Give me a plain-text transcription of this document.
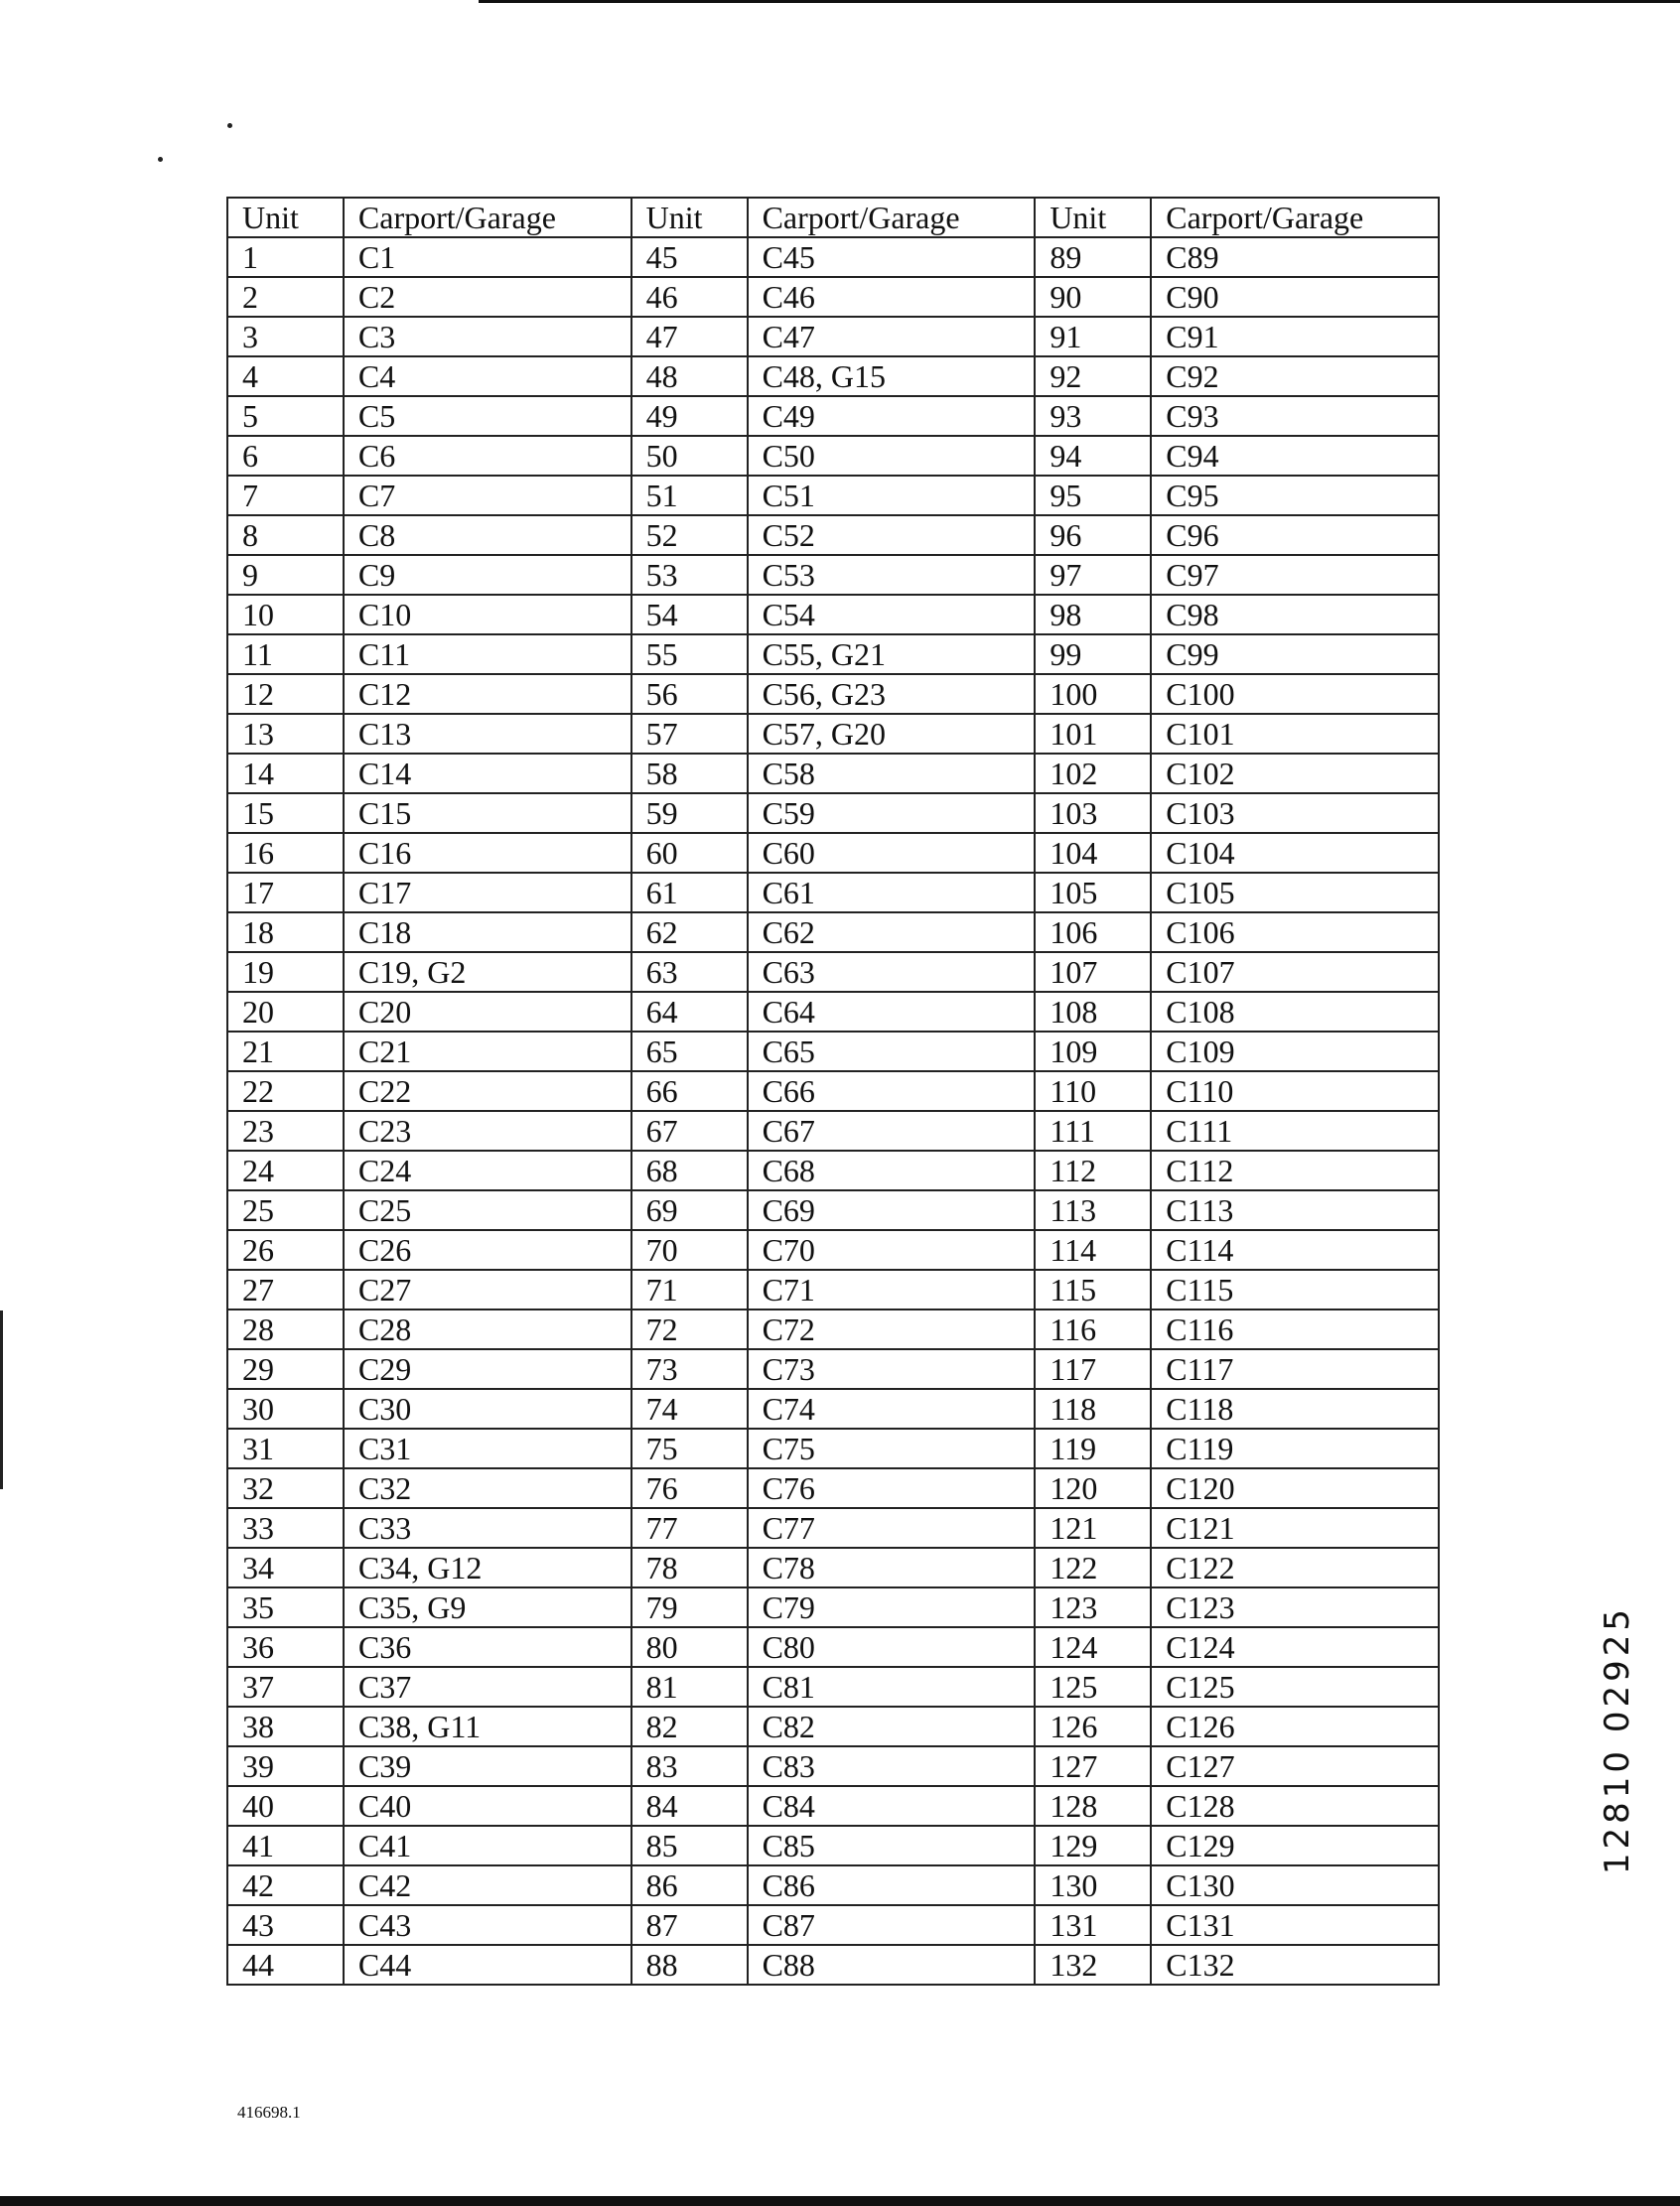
Unit	Carport/Garage	Unit	Carport/Garage	Unit	Carport/Garage
1	C1	45	C45	89	C89
2	C2	46	C46	90	C90
3	C3	47	C47	91	C91
4	C4	48	C48, G15	92	C92
5	C5	49	C49	93	C93
6	C6	50	C50	94	C94
7	C7	51	C51	95	C95
8	C8	52	C52	96	C96
9	C9	53	C53	97	C97
10	C10	54	C54	98	C98
11	C11	55	C55, G21	99	C99
12	C12	56	C56, G23	100	C100
13	C13	57	C57, G20	101	C101
14	C14	58	C58	102	C102
15	C15	59	C59	103	C103
16	C16	60	C60	104	C104
17	C17	61	C61	105	C105
18	C18	62	C62	106	C106
19	C19, G2	63	C63	107	C107
20	C20	64	C64	108	C108
21	C21	65	C65	109	C109
22	C22	66	C66	110	C110
23	C23	67	C67	111	C111
24	C24	68	C68	112	C112
25	C25	69	C69	113	C113
26	C26	70	C70	114	C114
27	C27	71	C71	115	C115
28	C28	72	C72	116	C116
29	C29	73	C73	117	C117
30	C30	74	C74	118	C118
31	C31	75	C75	119	C119
32	C32	76	C76	120	C120
33	C33	77	C77	121	C121
34	C34, G12	78	C78	122	C122
35	C35, G9	79	C79	123	C123
36	C36	80	C80	124	C124
37	C37	81	C81	125	C125
38	C38, G11	82	C82	126	C126
39	C39	83	C83	127	C127
40	C40	84	C84	128	C128
41	C41	85	C85	129	C129
42	C42	86	C86	130	C130
43	C43	87	C87	131	C131
44	C44	88	C88	132	C132
416698.1
12810 02925
